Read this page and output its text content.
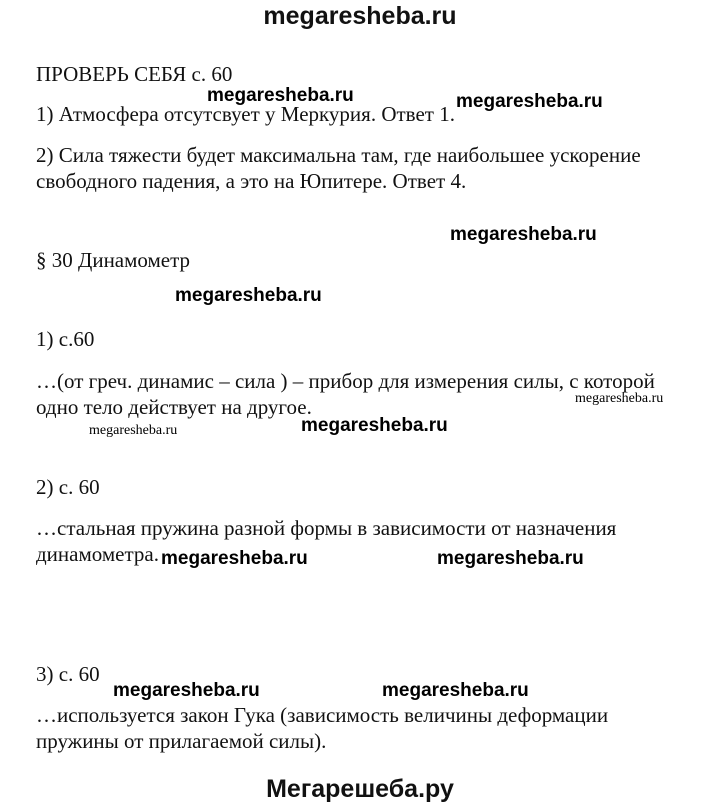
megaresheba.ru
ПРОВЕРЬ СЕБЯ с. 60
1) Атмосфера отсутсвует у Меркурия. Ответ 1.
2) Сила тяжести будет максимальна там, где наибольшее ускорение
свободного падения, а это на Юпитере. Ответ 4.
§ 30 Динамометр
1) с.60
…(от греч. динамис – сила ) – прибор для измерения силы, с которой
одно тело действует на другое.
2) с. 60
…стальная пружина разной формы в зависимости от назначения
динамометра.
3) с. 60
…используется закон Гука (зависимость величины деформации
пружины от прилагаемой силы).
megaresheba.ru	megaresheba.ru
megaresheba.ru
megaresheba.ru
megaresheba.ru
megaresheba.ru	megaresheba.ru
megaresheba.ru	megaresheba.ru
megaresheba.ru	megaresheba.ru
Мегарешеба.ру
